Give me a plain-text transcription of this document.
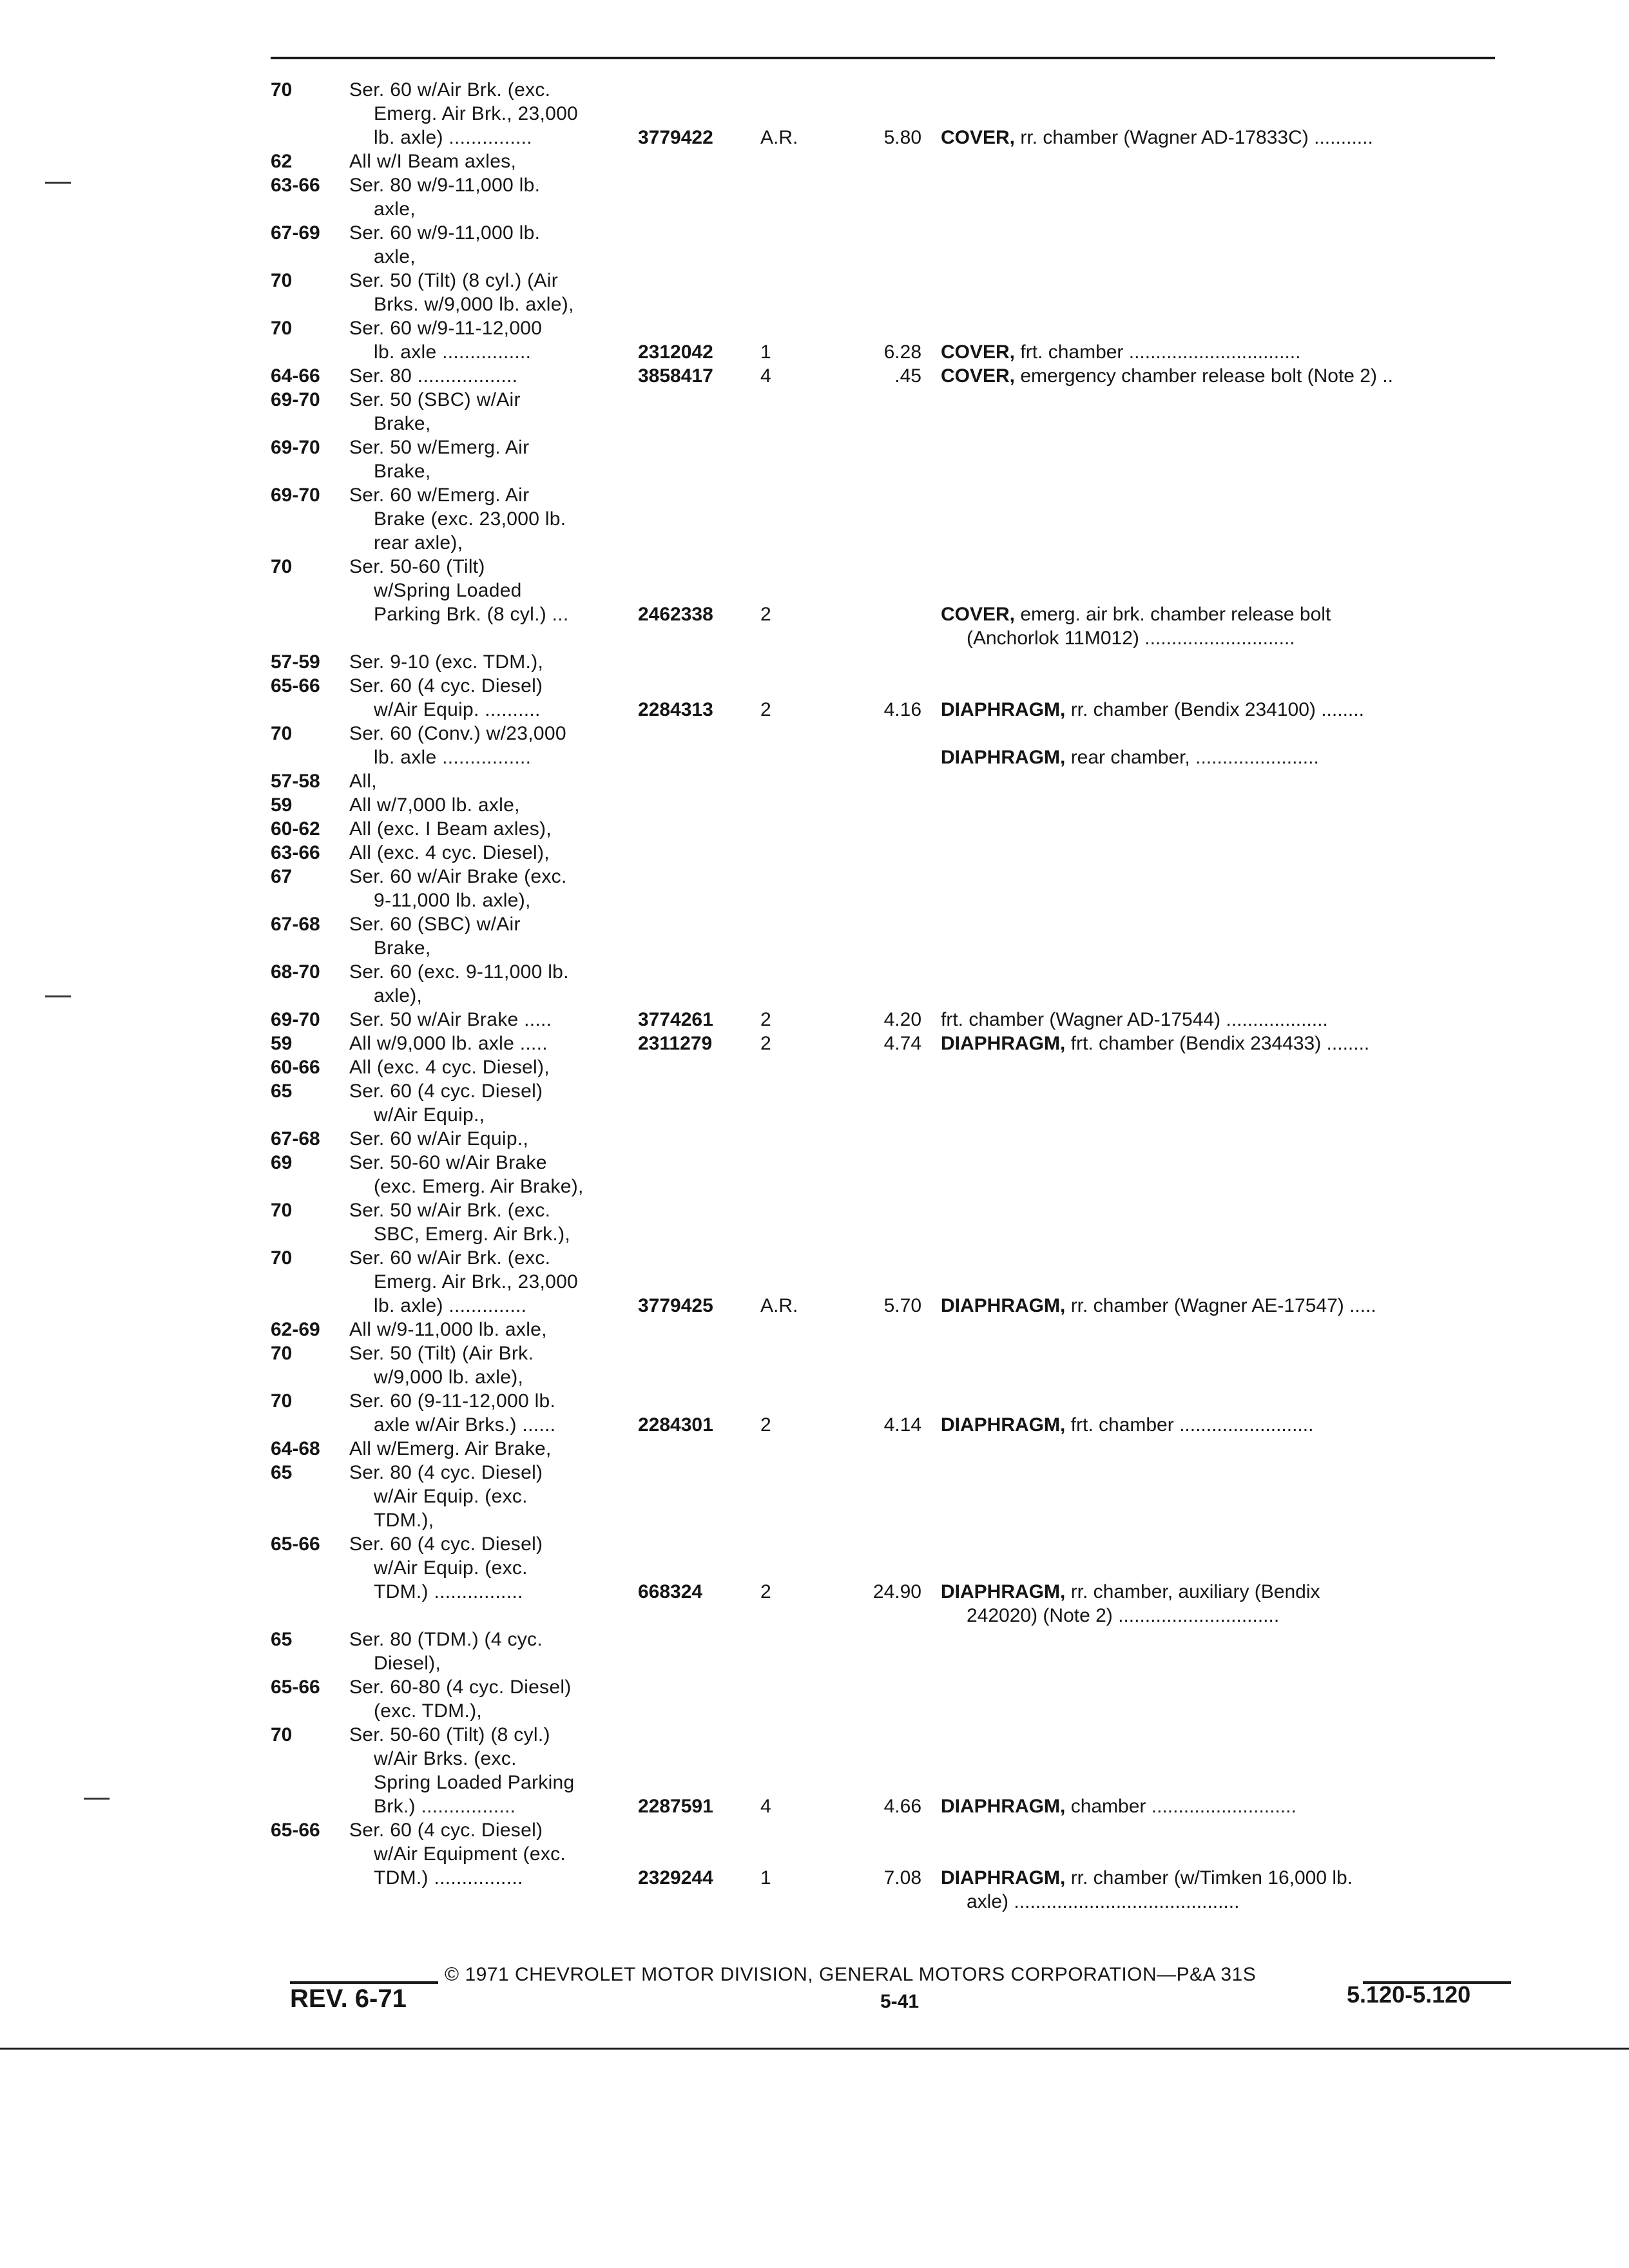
70	Ser. 60 w/Air Brk. (exc.
Emerg. Air Brk., 23,000
lb. axle) ...............	3779422 A.R.	5.80 COVER, rr. chamber (Wagner AD-17833C) ...........
62	All w/I Beam axles,
63-66 Ser. 80 w/9-11,000 lb.
axle,
67-69 Ser. 60 w/9-11,000 lb.
axle,
70	Ser. 50 (Tilt) (8 cyl.) (Air
Brks. w/9,000 lb. axle),
70	Ser. 60 w/9-11-12,000
lb. axle ................	2312042 1	6.28 COVER, frt. chamber ................................
64-66 Ser. 80 ..................	3858417 4	.45 COVER, emergency chamber release bolt (Note 2) ..
69-70 Ser. 50 (SBC) w/Air
Brake,
69-70 Ser. 50 w/Emerg. Air
Brake,
69-70 Ser. 60 w/Emerg. Air
Brake (exc. 23,000 lb.
rear axle),
70	Ser. 50-60 (Tilt)
w/Spring Loaded
Parking Brk. (8 cyl.) ...	2462338 2	COVER, emerg. air brk. chamber release bolt
(Anchorlok 11M012) ............................
57-59 Ser. 9-10 (exc. TDM.),
65-66 Ser. 60 (4 cyc. Diesel)
w/Air Equip. ..........	2284313 2	4.16 DIAPHRAGM, rr. chamber (Bendix 234100) ........
70	Ser. 60 (Conv.) w/23,000
lb. axle ................	DIAPHRAGM, rear chamber, .......................
57-58 All,
59	All w/7,000 lb. axle,
60-62 All (exc. I Beam axles),
63-66 All (exc. 4 cyc. Diesel),
67	Ser. 60 w/Air Brake (exc.
9-11,000 lb. axle),
67-68 Ser. 60 (SBC) w/Air
Brake,
68-70 Ser. 60 (exc. 9-11,000 lb.
axle),
69-70 Ser. 50 w/Air Brake .....	3774261 2	4.20 frt. chamber (Wagner AD-17544) ...................
59	All w/9,000 lb. axle .....	2311279 2	4.74 DIAPHRAGM, frt. chamber (Bendix 234433) ........
60-66 All (exc. 4 cyc. Diesel),
65	Ser. 60 (4 cyc. Diesel)
w/Air Equip.,
67-68 Ser. 60 w/Air Equip.,
69	Ser. 50-60 w/Air Brake
(exc. Emerg. Air Brake),
70	Ser. 50 w/Air Brk. (exc.
SBC, Emerg. Air Brk.),
70	Ser. 60 w/Air Brk. (exc.
Emerg. Air Brk., 23,000
lb. axle) ..............	3779425 A.R.	5.70 DIAPHRAGM, rr. chamber (Wagner AE-17547) .....
62-69 All w/9-11,000 lb. axle,
70	Ser. 50 (Tilt) (Air Brk.
w/9,000 lb. axle),
70	Ser. 60 (9-11-12,000 lb.
axle w/Air Brks.) ......	2284301 2	4.14 DIAPHRAGM, frt. chamber .........................
64-68 All w/Emerg. Air Brake,
65	Ser. 80 (4 cyc. Diesel)
w/Air Equip. (exc.
TDM.),
65-66 Ser. 60 (4 cyc. Diesel)
w/Air Equip. (exc.
TDM.) ................	668324	2	24.90 DIAPHRAGM, rr. chamber, auxiliary (Bendix
242020) (Note 2) ..............................
65	Ser. 80 (TDM.) (4 cyc.
Diesel),
65-66 Ser. 60-80 (4 cyc. Diesel)
(exc. TDM.),
70	Ser. 50-60 (Tilt) (8 cyl.)
w/Air Brks. (exc.
Spring Loaded Parking
Brk.) .................	2287591 4	4.66 DIAPHRAGM, chamber ...........................
65-66 Ser. 60 (4 cyc. Diesel)
w/Air Equipment (exc.
TDM.) ................	2329244 1	7.08 DIAPHRAGM, rr. chamber (w/Timken 16,000 lb.
axle) ..........................................
© 1971 CHEVROLET MOTOR DIVISION, GENERAL MOTORS CORPORATION—P&A 31S
REV. 6-71	5-41	5.120-5.120
